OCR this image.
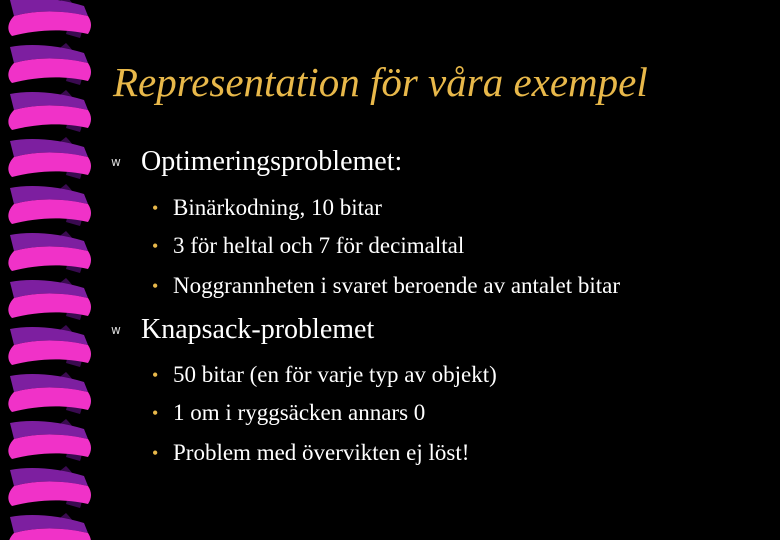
Representation för våra exempel
w Optimeringsproblemet:
• Binärkodning, 10 bitar
• 3 för heltal och 7 för decimaltal
• Noggrannheten i svaret beroende av antalet bitar
w Knapsack-problemet
• 50 bitar (en för varje typ av objekt)
• 1 om i ryggsäcken annars 0
• Problem med övervikten ej löst!
